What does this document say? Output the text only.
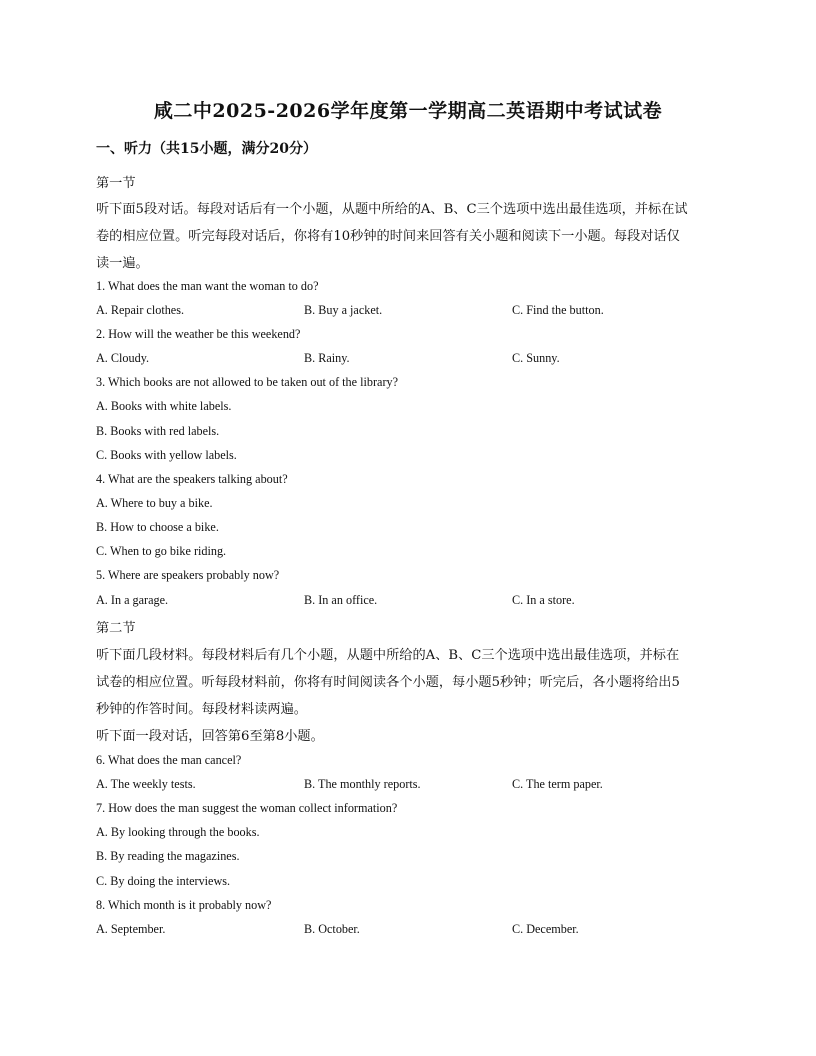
咸二中2025-2026学年度第一学期高二英语期中考试试卷
一、听力（共15小题，满分20分）
第一节
听下面5段对话。每段对话后有一个小题，从题中所给的A、B、C三个选项中选出最佳选项，并标在试
卷的相应位置。听完每段对话后，你将有10秒钟的时间来回答有关小题和阅读下一小题。每段对话仅
读一遍。
1. What does the man want the woman to do?
A. Repair clothes.	B. Buy a jacket.	C. Find the button.
2. How will the weather be this weekend?
A. Cloudy.	B. Rainy.	C. Sunny.
3. Which books are not allowed to be taken out of the library?
A. Books with white labels.
B. Books with red labels.
C. Books with yellow labels.
4. What are the speakers talking about?
A. Where to buy a bike.
B. How to choose a bike.
C. When to go bike riding.
5. Where are speakers probably now?
A. In a garage.	B. In an office.	C. In a store.
第二节
听下面几段材料。每段材料后有几个小题，从题中所给的A、B、C三个选项中选出最佳选项，并标在
试卷的相应位置。听每段材料前，你将有时间阅读各个小题，每小题5秒钟；听完后，各小题将给出5
秒钟的作答时间。每段材料读两遍。
听下面一段对话，回答第6至第8小题。
6. What does the man cancel?
A. The weekly tests.	B. The monthly reports.	C. The term paper.
7. How does the man suggest the woman collect information?
A. By looking through the books.
B. By reading the magazines.
C. By doing the interviews.
8. Which month is it probably now?
A. September.	B. October.	C. December.
